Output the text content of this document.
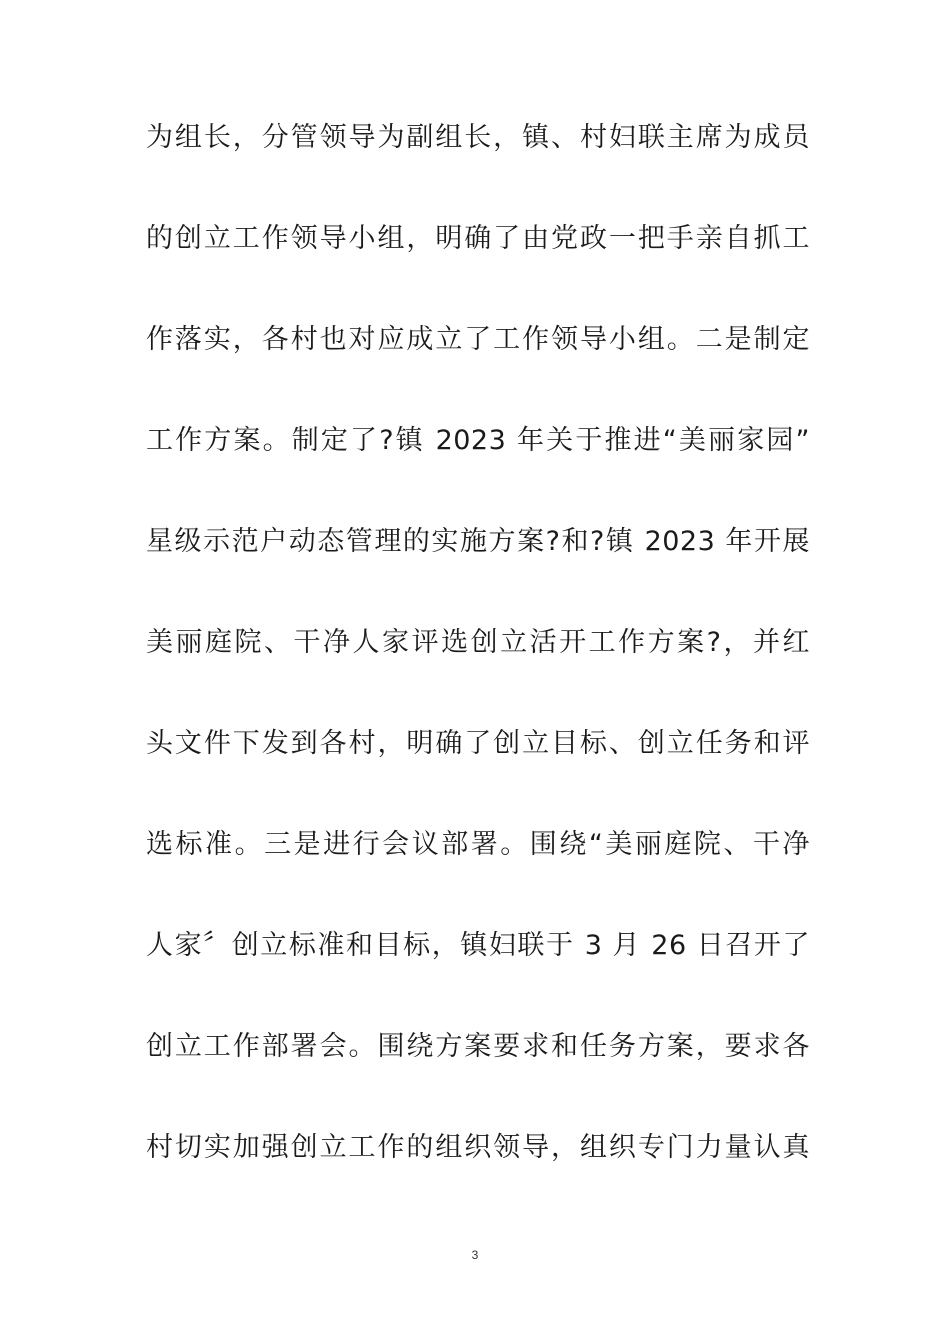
为组长，分管领导为副组长，镇、村妇联主席为成员
的创立工作领导小组，明确了由党政一把手亲自抓工
作落实，各村也对应成立了工作领导小组。二是制定
工作方案。制定了?镇 2023 年关于推进“美丽家园”
星级示范户动态管理的实施方案?和?镇 2023 年开展
美丽庭院、干净人家评选创立活开工作方案?，并红
头文件下发到各村，明确了创立目标、创立任务和评
选标准。三是进行会议部署。围绕“美丽庭院、干净
人家〞创立标准和目标，镇妇联于 3 月 26 日召开了
创立工作部署会。围绕方案要求和任务方案，要求各
村切实加强创立工作的组织领导，组织专门力量认真
3
